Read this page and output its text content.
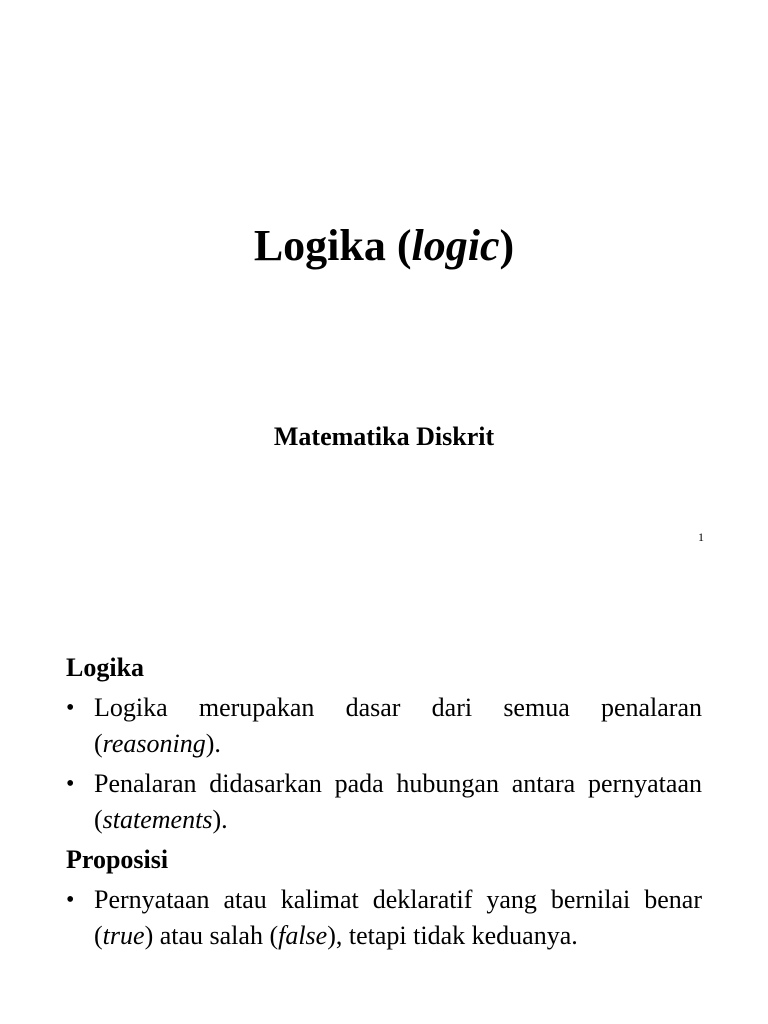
Logika (logic)
Matematika Diskrit
1

Logika

• Logika merupakan dasar dari semua penalaran (reasoning).
• Penalaran didasarkan pada hubungan antara pernyataan (statements).

Proposisi

• Pernyataan atau kalimat deklaratif yang bernilai benar (true) atau salah (false), tetapi tidak keduanya.
